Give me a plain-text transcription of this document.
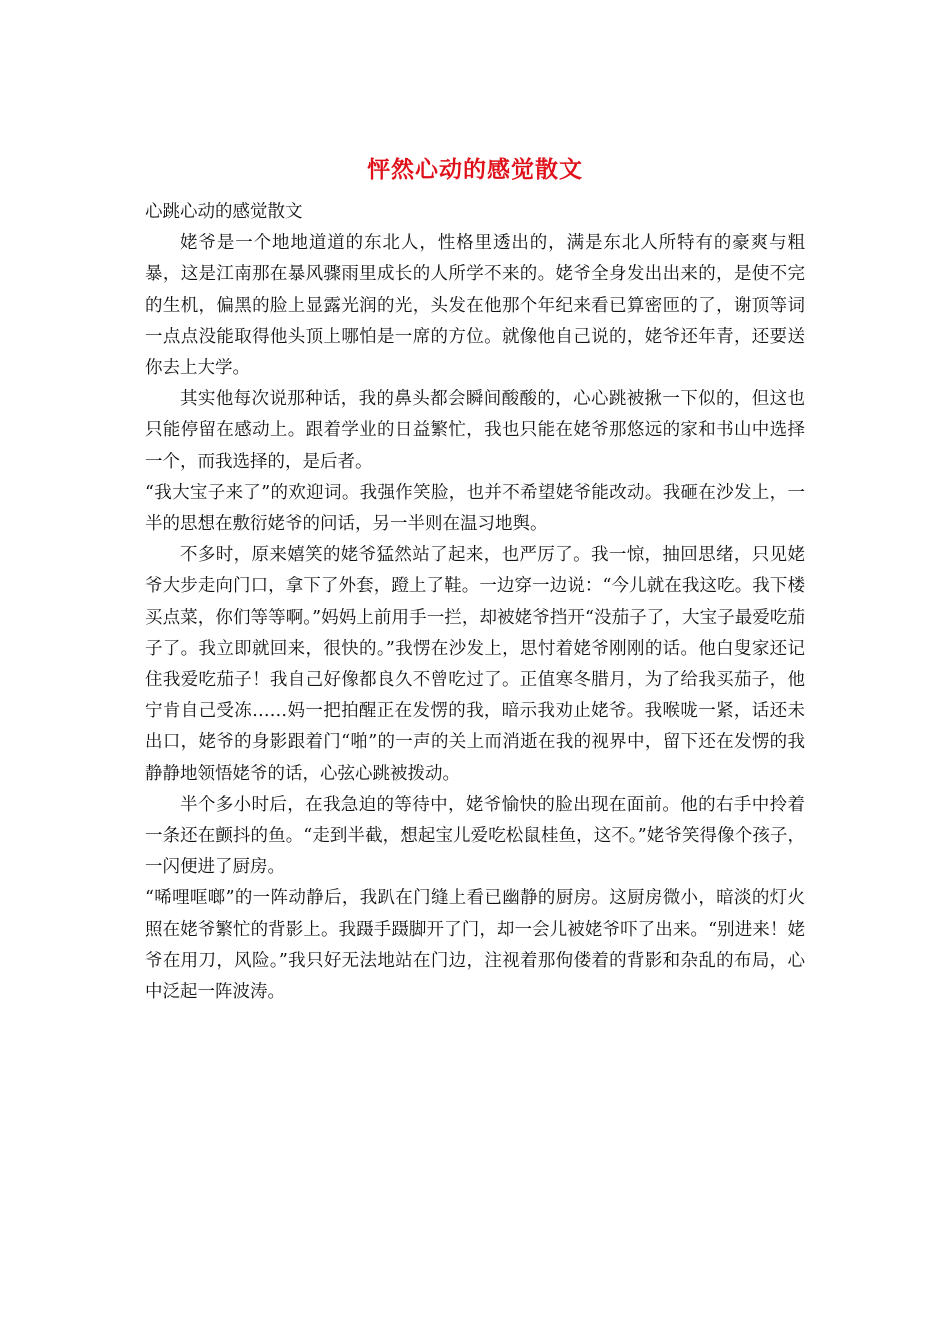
怦然心动的感觉散文

心跳心动的感觉散文

姥爷是一个地地道道的东北人，性格里透出的，满是东北人所特有的豪爽与粗暴，这是江南那在暴风骤雨里成长的人所学不来的。姥爷全身发出出来的，是使不完的生机，偏黑的脸上显露光润的光，头发在他那个年纪来看已算密匝的了，谢顶等词一点点没能取得他头顶上哪怕是一席的方位。就像他自己说的，姥爷还年青，还要送你去上大学。

其实他每次说那种话，我的鼻头都会瞬间酸酸的，心心跳被揪一下似的，但这也只能停留在感动上。跟着学业的日益繁忙，我也只能在姥爷那悠远的家和书山中选择一个，而我选择的，是后者。

“我大宝子来了”的欢迎词。我强作笑脸，也并不希望姥爷能改动。我砸在沙发上，一半的思想在敷衍姥爷的问话，另一半则在温习地舆。

不多时，原来嬉笑的姥爷猛然站了起来，也严厉了。我一惊，抽回思绪，只见姥爷大步走向门口，拿下了外套，蹬上了鞋。一边穿一边说：“今儿就在我这吃。我下楼买点菜，你们等等啊。”妈妈上前用手一拦，却被姥爷挡开“没茄子了，大宝子最爱吃茄子了。我立即就回来，很快的。”我愣在沙发上，思忖着姥爷刚刚的话。他白叟家还记住我爱吃茄子！我自己好像都良久不曾吃过了。正值寒冬腊月，为了给我买茄子，他宁肯自己受冻……妈一把拍醒正在发愣的我，暗示我劝止姥爷。我喉咙一紧，话还未出口，姥爷的身影跟着门“啪”的一声的关上而消逝在我的视界中，留下还在发愣的我静静地领悟姥爷的话，心弦心跳被拨动。

半个多小时后，在我急迫的等待中，姥爷愉快的脸出现在面前。他的右手中拎着一条还在颤抖的鱼。“走到半截，想起宝儿爱吃松鼠桂鱼，这不。”姥爷笑得像个孩子，一闪便进了厨房。

“唏哩哐啷”的一阵动静后，我趴在门缝上看已幽静的厨房。这厨房微小，暗淡的灯火照在姥爷繁忙的背影上。我蹑手蹑脚开了门，却一会儿被姥爷吓了出来。“别进来！姥爷在用刀，风险。”我只好无法地站在门边，注视着那佝偻着的背影和杂乱的布局，心中泛起一阵波涛。
